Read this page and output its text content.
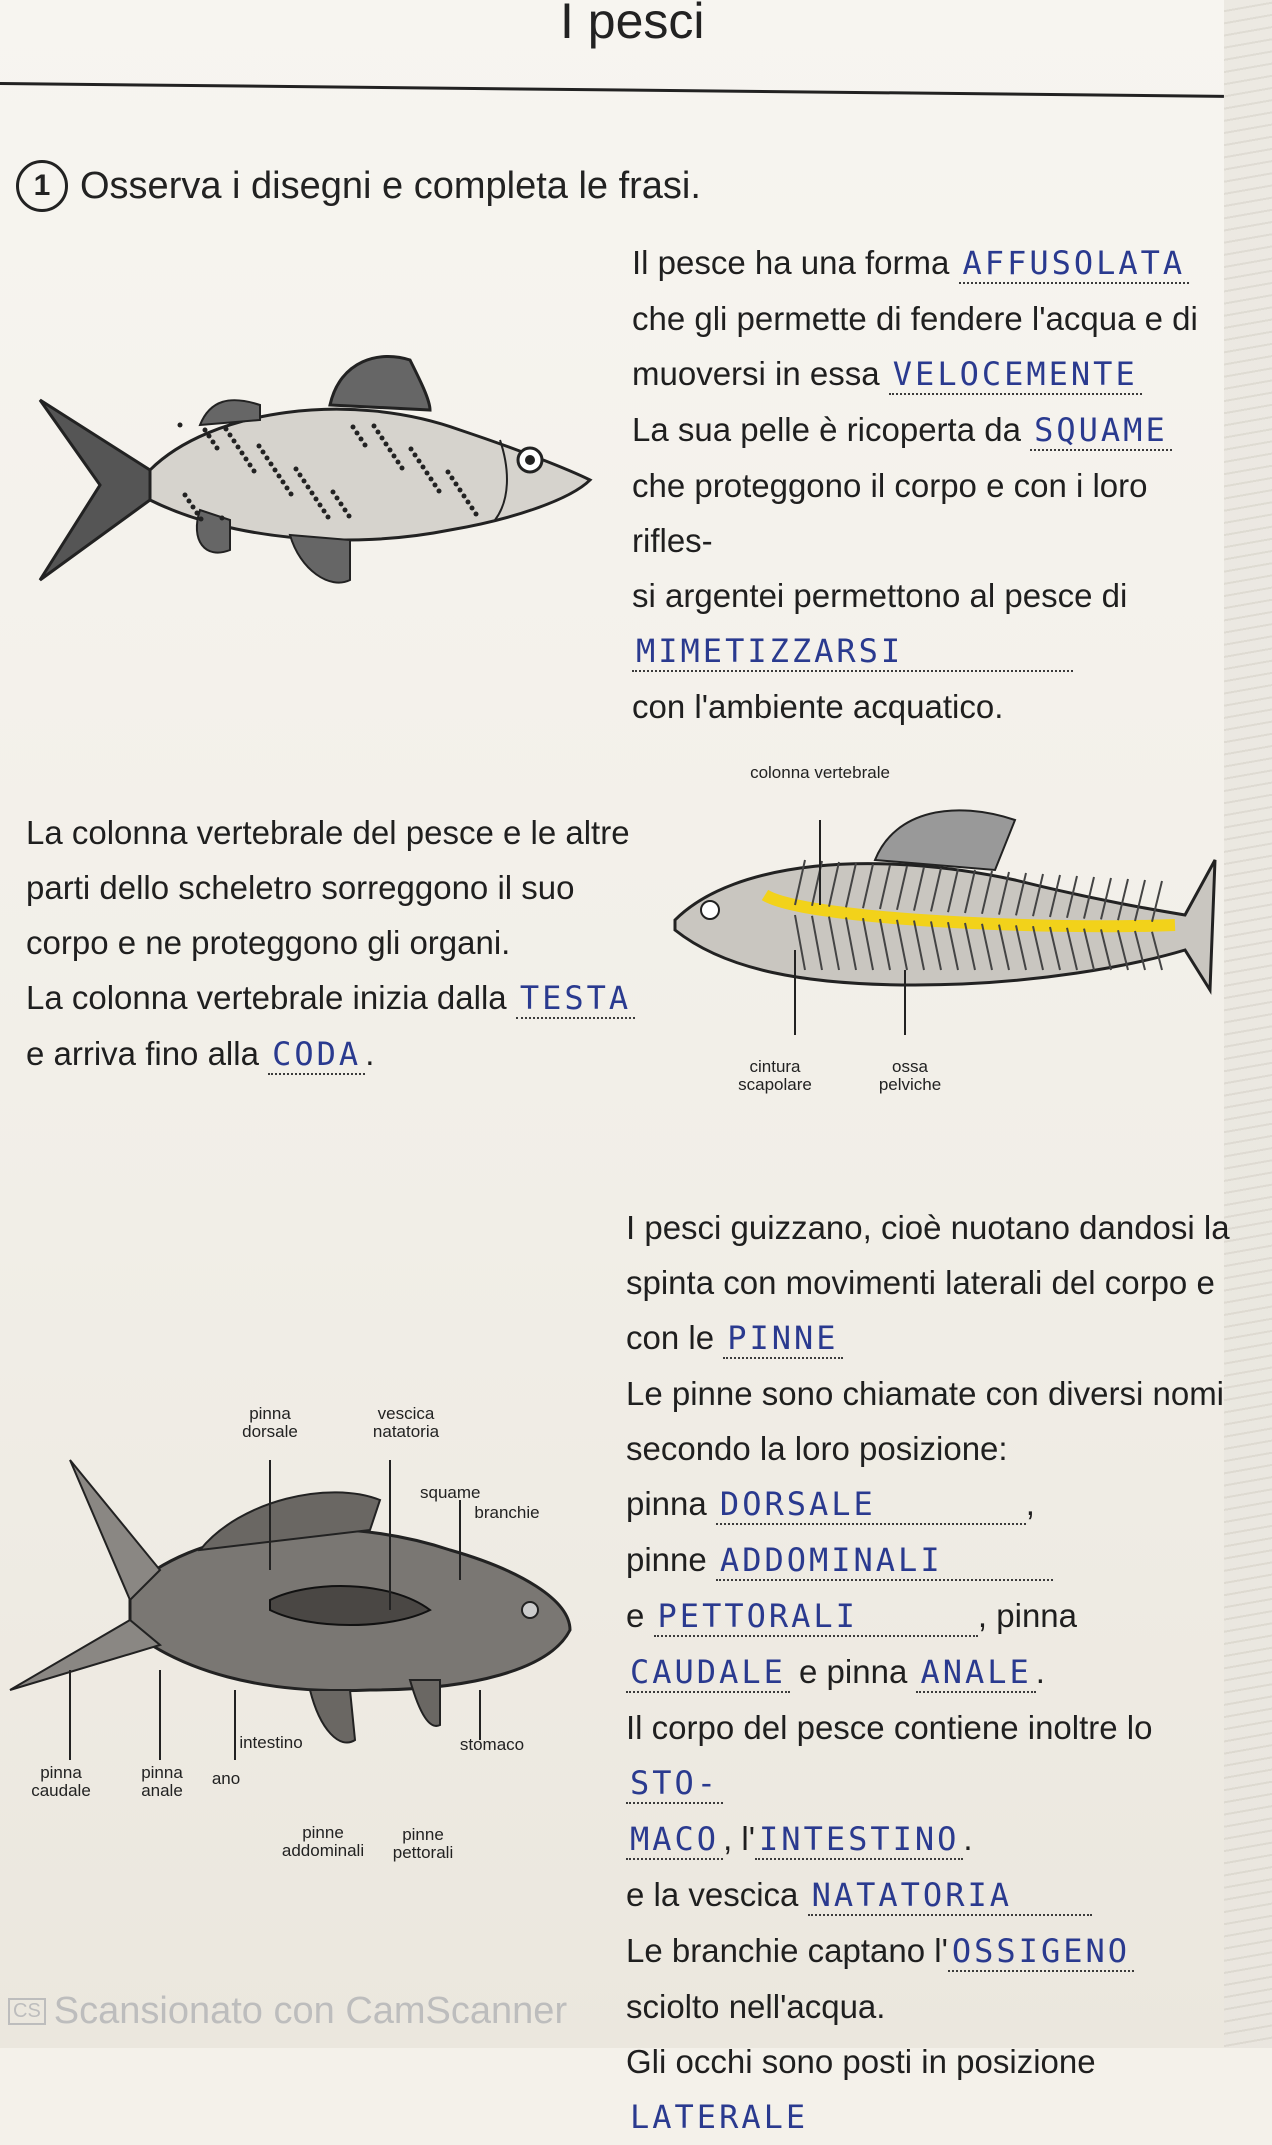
I pesci
1 Osserva i disegni e completa le frasi.
Il pesce ha una forma AFFUSOLATA
che gli permette di fendere l'acqua e di
muoversi in essa VELOCEMENTE
La sua pelle è ricoperta da SQUAME
che proteggono il corpo e con i loro rifles-
si argentei permettono al pesce di
MIMETIZZARSI
con l'ambiente acquatico.
La colonna vertebrale del pesce e le altre
parti dello scheletro sorreggono il suo
corpo e ne proteggono gli organi.
La colonna vertebrale inizia dalla TESTA
e arriva fino alla CODA .
colonna vertebrale
cintura scapolare
ossa pelviche
I pesci guizzano, cioè nuotano dandosi la
spinta con movimenti laterali del corpo e
con le PINNE
Le pinne sono chiamate con diversi nomi
secondo la loro posizione:
pinna DORSALE	,
pinne ADDOMINALI
e PETTORALI	, pinna
CAUDALE e pinna ANALE .
Il corpo del pesce contiene inoltre lo STO-
MACO , l' INTESTINO .
e la vescica NATATORIA
Le branchie captano l' OSSIGENO
sciolto nell'acqua.
Gli occhi sono posti in posizione LATERALE
pinna dorsale
vescica natatoria
squame
branchie
intestino	stomaco
pinna caudale
pinna anale
ano
pinne addominali
pinne pettorali
CS Scansionato con CamScanner
